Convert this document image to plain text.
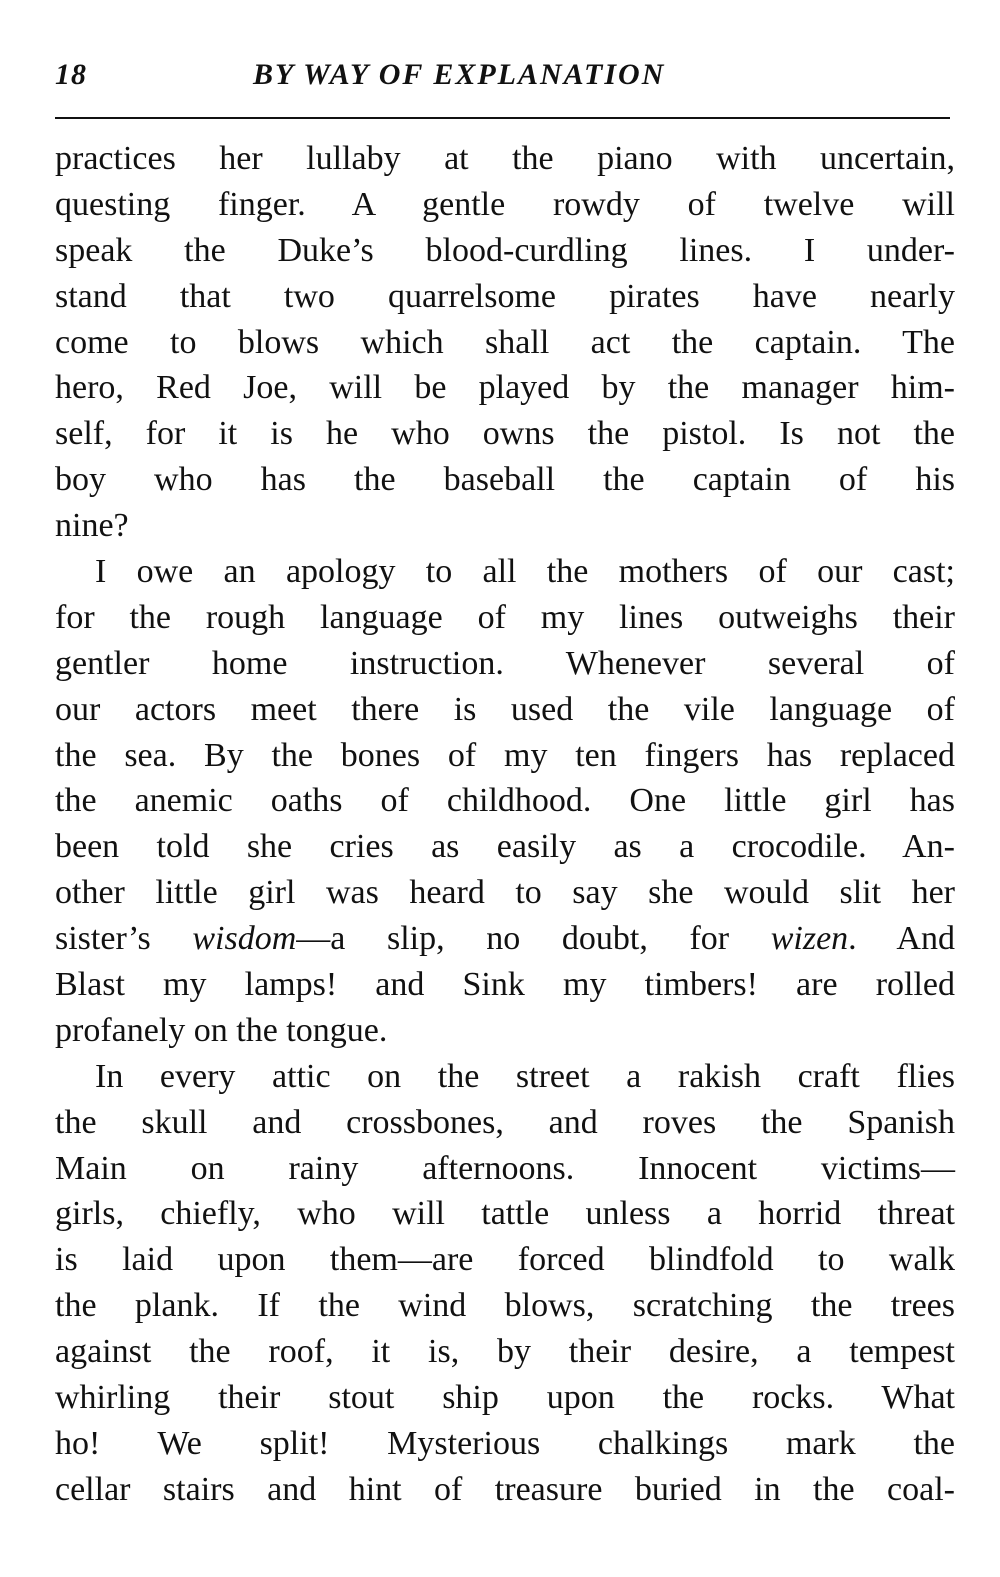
18	BY WAY OF EXPLANATION
practices her lullaby at the piano with uncertain,
questing finger. A gentle rowdy of twelve will
speak the Duke’s blood-curdling lines. I under-
stand that two quarrelsome pirates have nearly
come to blows which shall act the captain. The
hero, Red Joe, will be played by the manager him-
self, for it is he who owns the pistol. Is not the
boy who has the baseball the captain of his
nine?
I owe an apology to all the mothers of our cast;
for the rough language of my lines outweighs their
gentler home instruction. Whenever several of
our actors meet there is used the vile language of
the sea. By the bones of my ten fingers has replaced
the anemic oaths of childhood. One little girl has
been told she cries as easily as a crocodile. An-
other little girl was heard to say she would slit her
sister’s wisdom—a slip, no doubt, for wizen. And
Blast my lamps! and Sink my timbers! are rolled
profanely on the tongue.
In every attic on the street a rakish craft flies
the skull and crossbones, and roves the Spanish
Main on rainy afternoons. Innocent victims—
girls, chiefly, who will tattle unless a horrid threat
is laid upon them—are forced blindfold to walk
the plank. If the wind blows, scratching the trees
against the roof, it is, by their desire, a tempest
whirling their stout ship upon the rocks. What
ho! We split! Mysterious chalkings mark the
cellar stairs and hint of treasure buried in the coal-
